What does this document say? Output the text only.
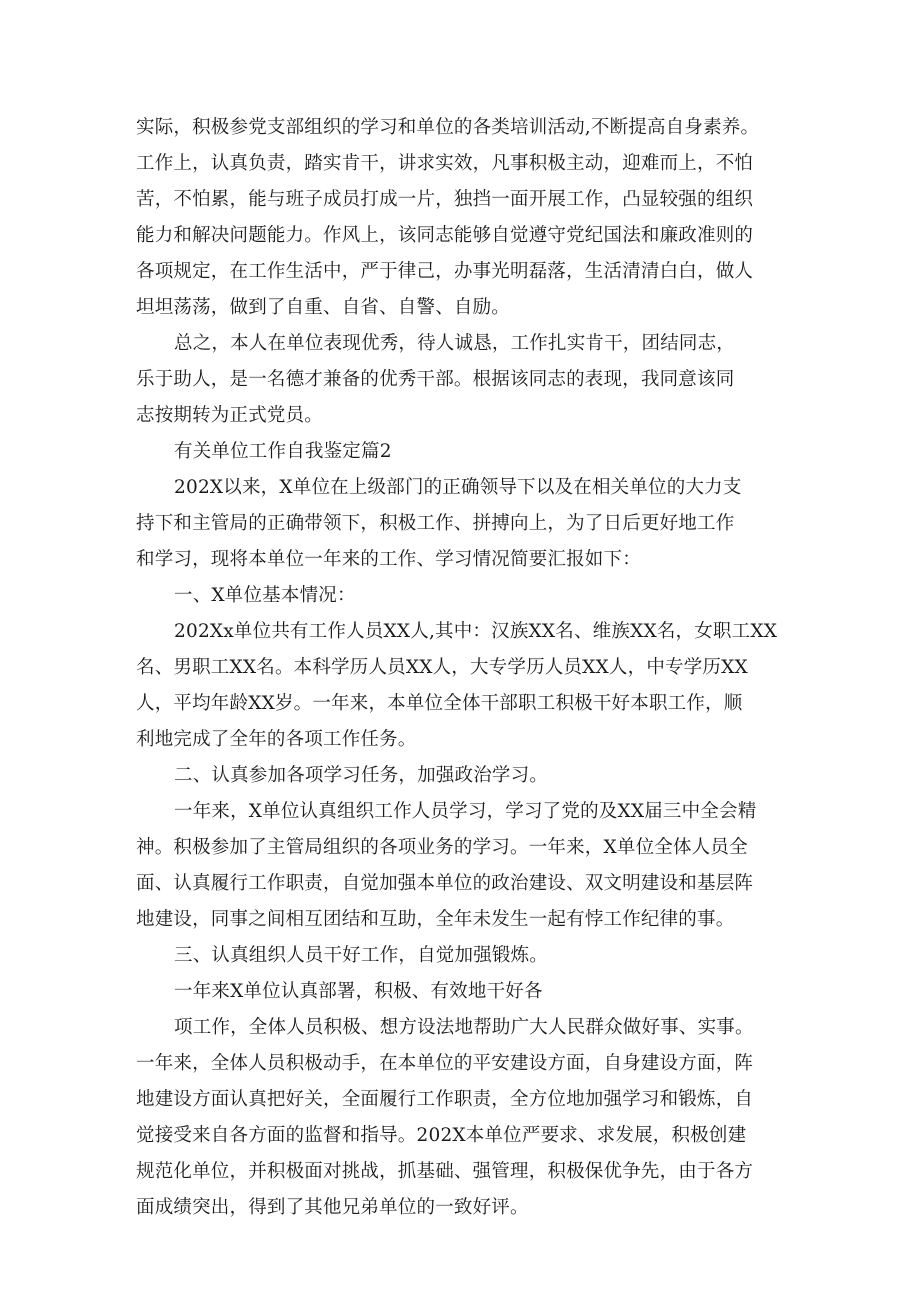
实际，积极参党支部组织的学习和单位的各类培训活动,不断提高自身素养。
工作上，认真负责，踏实肯干，讲求实效，凡事积极主动，迎难而上，不怕
苦，不怕累，能与班子成员打成一片，独挡一面开展工作，凸显较强的组织
能力和解决问题能力。作风上，该同志能够自觉遵守党纪国法和廉政准则的
各项规定，在工作生活中，严于律己，办事光明磊落，生活清清白白，做人
坦坦荡荡，做到了自重、自省、自警、自励。
总之，本人在单位表现优秀，待人诚恳，工作扎实肯干，团结同志，
乐于助人，是一名德才兼备的优秀干部。根据该同志的表现，我同意该同
志按期转为正式党员。
有关单位工作自我鉴定篇2
202X以来，X单位在上级部门的正确领导下以及在相关单位的大力支
持下和主管局的正确带领下，积极工作、拼搏向上，为了日后更好地工作
和学习，现将本单位一年来的工作、学习情况简要汇报如下：
一、X单位基本情况：
202Xx单位共有工作人员XX人,其中：汉族XX名、维族XX名，女职工XX
名、男职工XX名。本科学历人员XX人，大专学历人员XX人，中专学历XX
人，平均年龄XX岁。一年来，本单位全体干部职工积极干好本职工作，顺
利地完成了全年的各项工作任务。
二、认真参加各项学习任务，加强政治学习。
一年来，X单位认真组织工作人员学习，学习了党的及XX届三中全会精
神。积极参加了主管局组织的各项业务的学习。一年来，X单位全体人员全
面、认真履行工作职责，自觉加强本单位的政治建设、双文明建设和基层阵
地建设，同事之间相互团结和互助，全年未发生一起有悖工作纪律的事。
三、认真组织人员干好工作，自觉加强锻炼。
一年来X单位认真部署，积极、有效地干好各
项工作，全体人员积极、想方设法地帮助广大人民群众做好事、实事。
一年来，全体人员积极动手，在本单位的平安建设方面，自身建设方面，阵
地建设方面认真把好关，全面履行工作职责，全方位地加强学习和锻炼，自
觉接受来自各方面的监督和指导。202X本单位严要求、求发展，积极创建
规范化单位，并积极面对挑战，抓基础、强管理，积极保优争先，由于各方
面成绩突出，得到了其他兄弟单位的一致好评。
